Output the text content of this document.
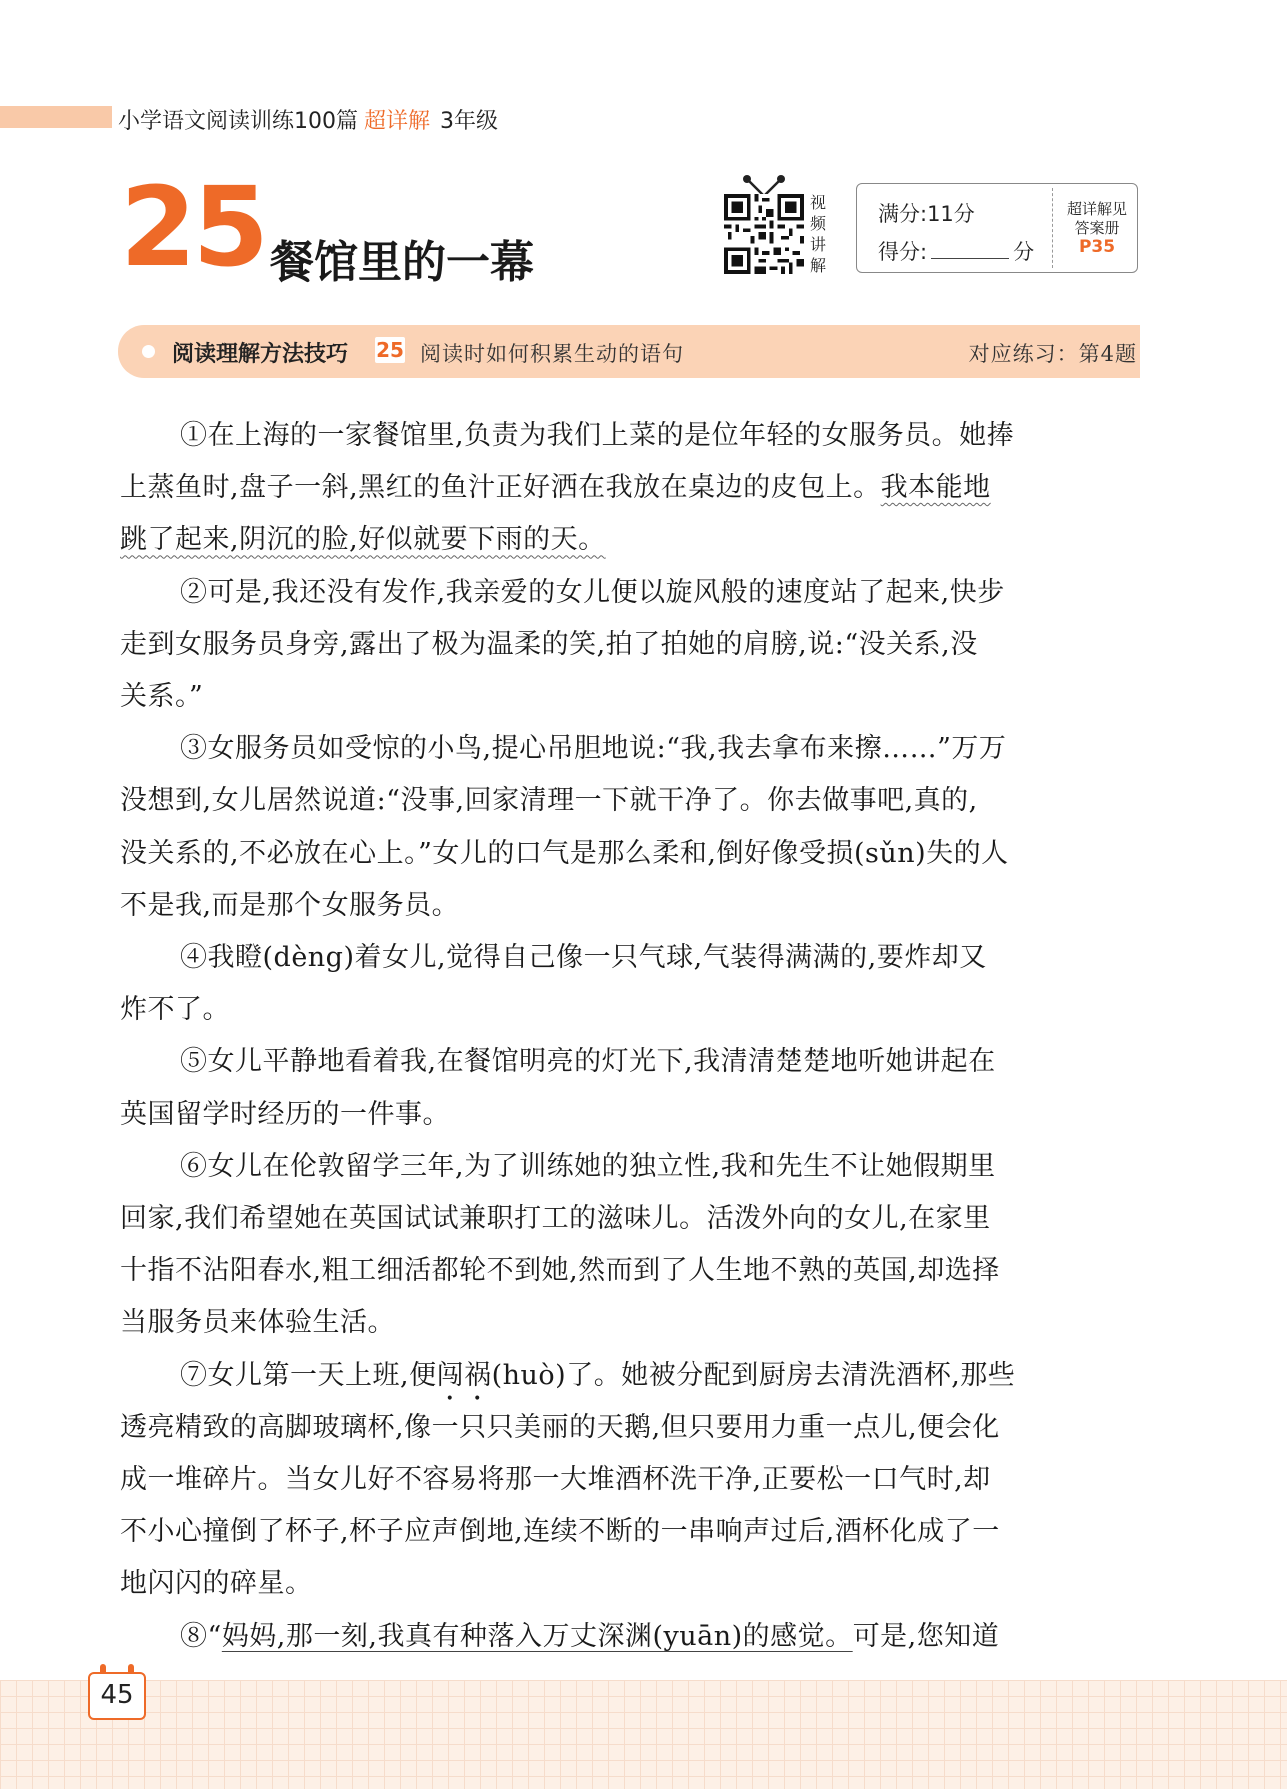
小学语文阅读训练100篇 超详解 3年级
25 餐馆里的一幕
视
频
讲
解
满分:11分
得分:	分
超详解见
答案册
P35
阅读理解方法技巧 25 阅读时如何积累生动的语句	对应练习：第4题
①在上海的一家餐馆里,负责为我们上菜的是位年轻的女服务员。她捧
上蒸鱼时,盘子一斜,黑红的鱼汁正好洒在我放在桌边的皮包上。我本能地
跳了起来,阴沉的脸,好似就要下雨的天。
②可是,我还没有发作,我亲爱的女儿便以旋风般的速度站了起来,快步
走到女服务员身旁,露出了极为温柔的笑,拍了拍她的肩膀,说:“没关系,没
关系。”
③女服务员如受惊的小鸟,提心吊胆地说:“我,我去拿布来擦……”万万
没想到,女儿居然说道:“没事,回家清理一下就干净了。你去做事吧,真的,
没关系的,不必放在心上。”女儿的口气是那么柔和,倒好像受损(sǔn)失的人
不是我,而是那个女服务员。
④我瞪(dèng)着女儿,觉得自己像一只气球,气装得满满的,要炸却又
炸不了。
⑤女儿平静地看着我,在餐馆明亮的灯光下,我清清楚楚地听她讲起在
英国留学时经历的一件事。
⑥女儿在伦敦留学三年,为了训练她的独立性,我和先生不让她假期里
回家,我们希望她在英国试试兼职打工的滋味儿。活泼外向的女儿,在家里
十指不沾阳春水,粗工细活都轮不到她,然而到了人生地不熟的英国,却选择
当服务员来体验生活。
⑦女儿第一天上班,便闯祸(huò)了。她被分配到厨房去清洗酒杯,那些
透亮精致的高脚玻璃杯,像一只只美丽的天鹅,但只要用力重一点儿,便会化
成一堆碎片。当女儿好不容易将那一大堆酒杯洗干净,正要松一口气时,却
不小心撞倒了杯子,杯子应声倒地,连续不断的一串响声过后,酒杯化成了一
地闪闪的碎星。
⑧“妈妈,那一刻,我真有种落入万丈深渊(yuān)的感觉。可是,您知道
45
